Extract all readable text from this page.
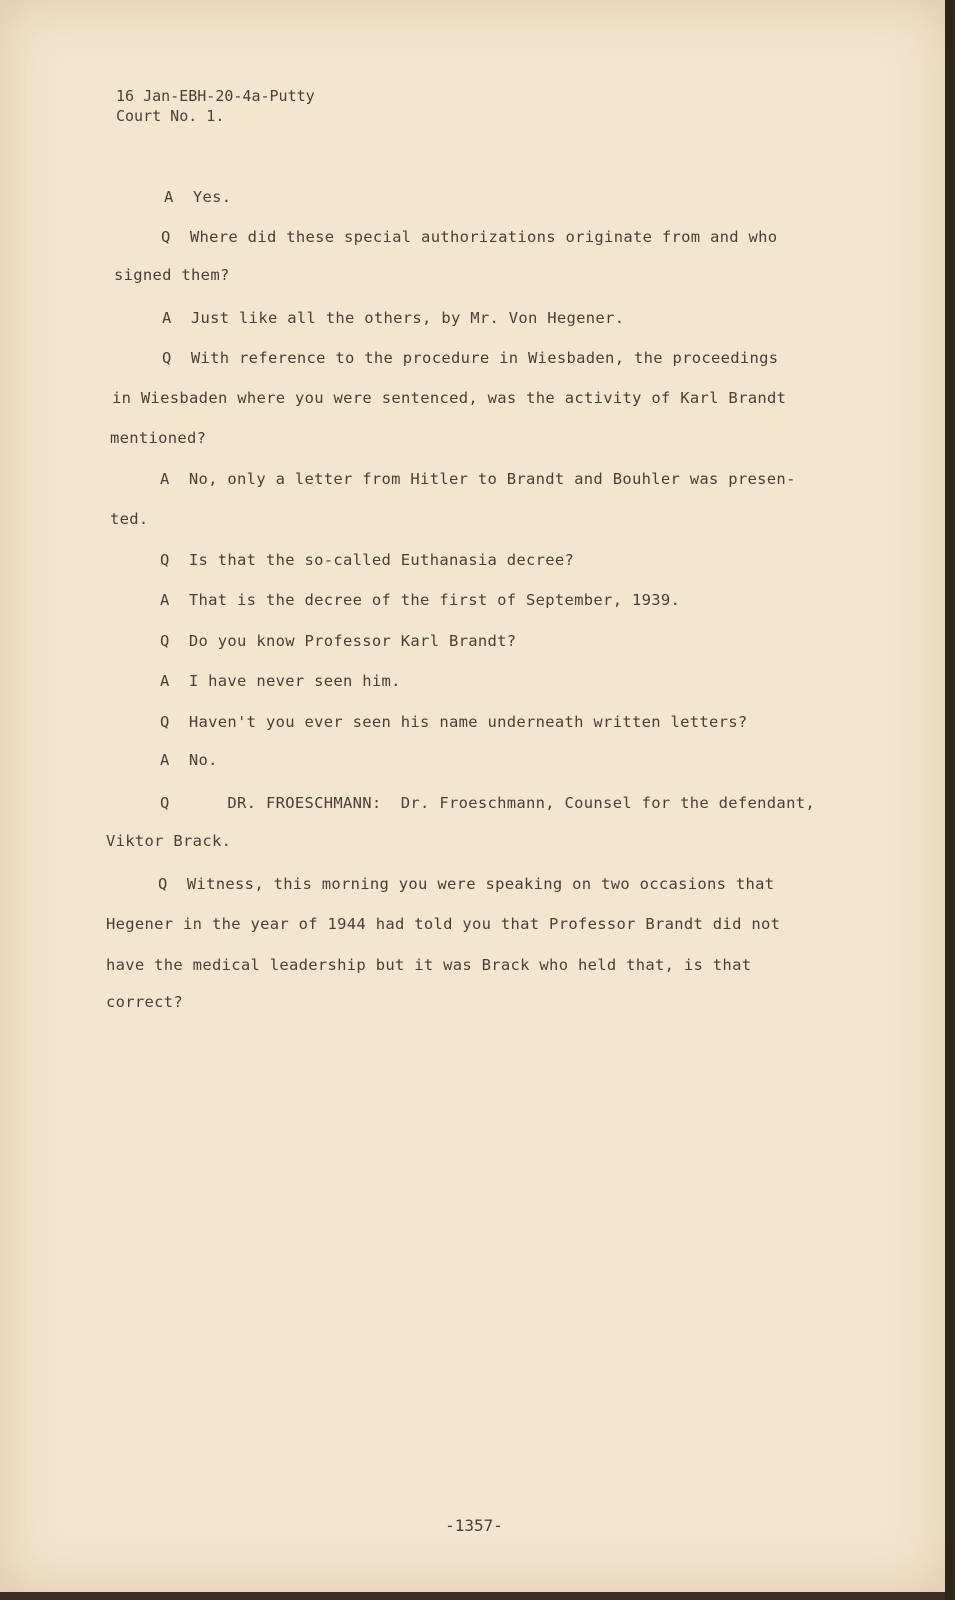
16 Jan-EBH-20-4a-Putty
Court No. 1.
A  Yes.
Q  Where did these special authorizations originate from and who
signed them?
A  Just like all the others, by Mr. Von Hegener.
Q  With reference to the procedure in Wiesbaden, the proceedings
in Wiesbaden where you were sentenced, was the activity of Karl Brandt
mentioned?
A  No, only a letter from Hitler to Brandt and Bouhler was presen-
ted.
Q  Is that the so-called Euthanasia decree?
A  That is the decree of the first of September, 1939.
Q  Do you know Professor Karl Brandt?
A  I have never seen him.
Q  Haven't you ever seen his name underneath written letters?
A  No.
Q      DR. FROESCHMANN:  Dr. Froeschmann, Counsel for the defendant,
Viktor Brack.
Q  Witness, this morning you were speaking on two occasions that
Hegener in the year of 1944 had told you that Professor Brandt did not
have the medical leadership but it was Brack who held that, is that
correct?
-1357-
